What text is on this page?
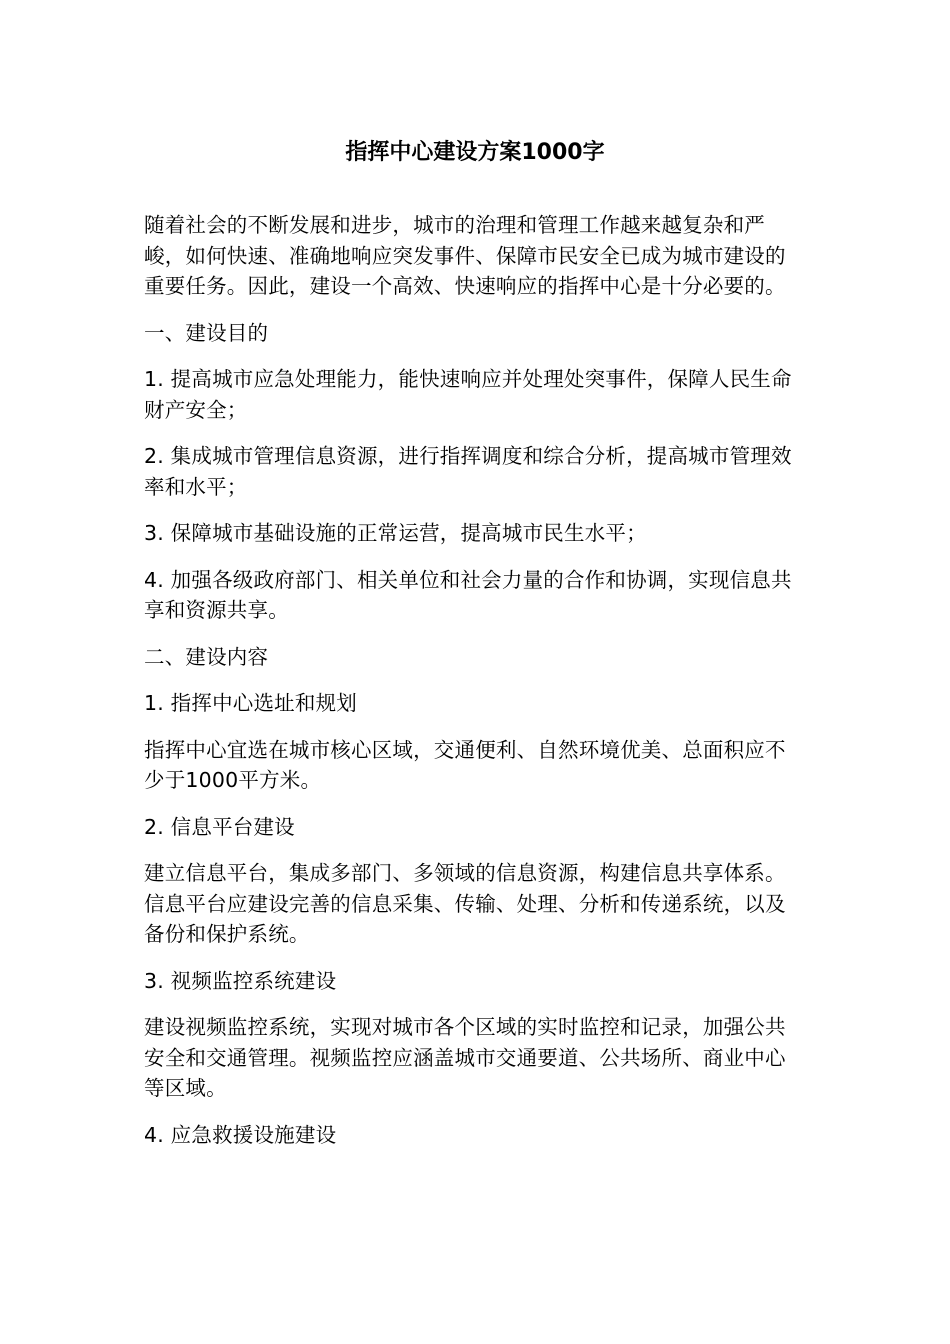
指挥中心建设方案1000字

随着社会的不断发展和进步，城市的治理和管理工作越来越复杂和严峻，如何快速、准确地响应突发事件、保障市民安全已成为城市建设的重要任务。因此，建设一个高效、快速响应的指挥中心是十分必要的。

一、建设目的

1. 提高城市应急处理能力，能快速响应并处理处突事件，保障人民生命财产安全；

2. 集成城市管理信息资源，进行指挥调度和综合分析，提高城市管理效率和水平；

3. 保障城市基础设施的正常运营，提高城市民生水平；

4. 加强各级政府部门、相关单位和社会力量的合作和协调，实现信息共享和资源共享。

二、建设内容

1. 指挥中心选址和规划

指挥中心宜选在城市核心区域，交通便利、自然环境优美、总面积应不少于1000平方米。

2. 信息平台建设

建立信息平台，集成多部门、多领域的信息资源，构建信息共享体系。信息平台应建设完善的信息采集、传输、处理、分析和传递系统，以及备份和保护系统。

3. 视频监控系统建设

建设视频监控系统，实现对城市各个区域的实时监控和记录，加强公共安全和交通管理。视频监控应涵盖城市交通要道、公共场所、商业中心等区域。

4. 应急救援设施建设
